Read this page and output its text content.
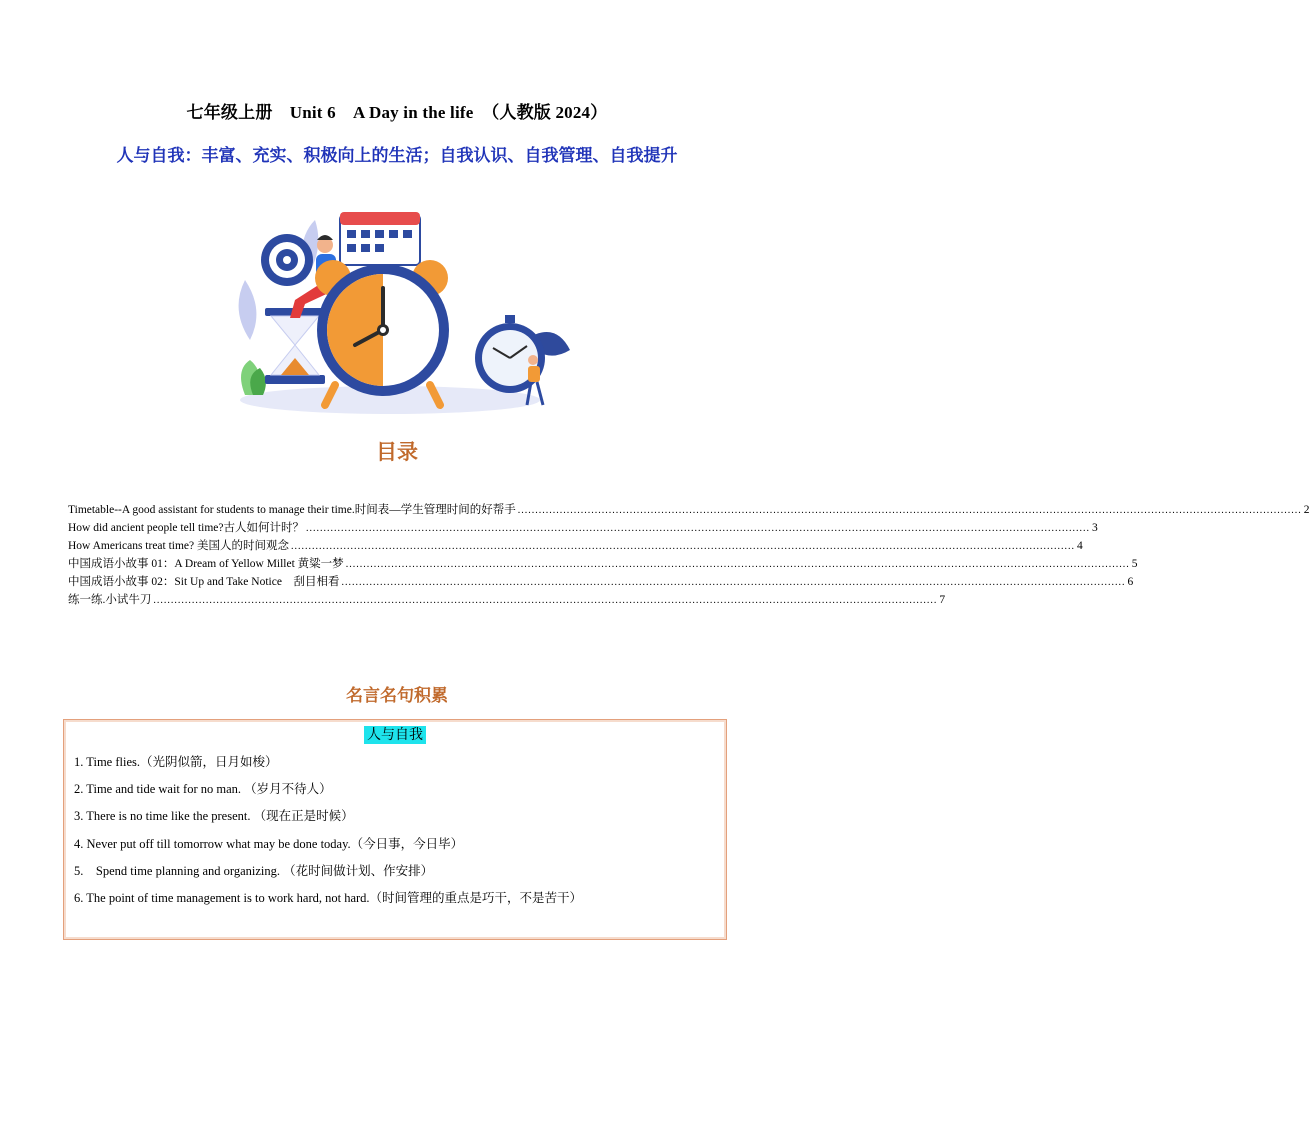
七年级上册　Unit 6　A Day in the life　（人教版 2024）
人与自我：丰富、充实、积极向上的生活；自我认识、自我管理、自我提升
目录
Timetable--A good assistant for students to manage their time.时间表—学生管理时间的好帮手 ................................................................................................................................................................................................................................ 2
How did ancient people tell time?古人如何计时？ ................................................................................................................................................................................................................................ 3
How Americans treat time? 美国人的时间观念 ................................................................................................................................................................................................................................ 4
中国成语小故事 01：A Dream of Yellow Millet 黄粱一梦 ................................................................................................................................................................................................................................ 5
中国成语小故事 02：Sit Up and Take Notice　刮目相看 ................................................................................................................................................................................................................................ 6
练一练.小试牛刀 ................................................................................................................................................................................................................................ 7
名言名句积累
人与自我
1. Time flies.（光阴似箭，日月如梭）
2. Time and tide wait for no man. （岁月不待人）
3. There is no time like the present. （现在正是时候）
4. Never put off till tomorrow what may be done today.（今日事，今日毕）
5.　Spend time planning and organizing. （花时间做计划、作安排）
6. The point of time management is to work hard, not hard.（时间管理的重点是巧干，不是苦干）
